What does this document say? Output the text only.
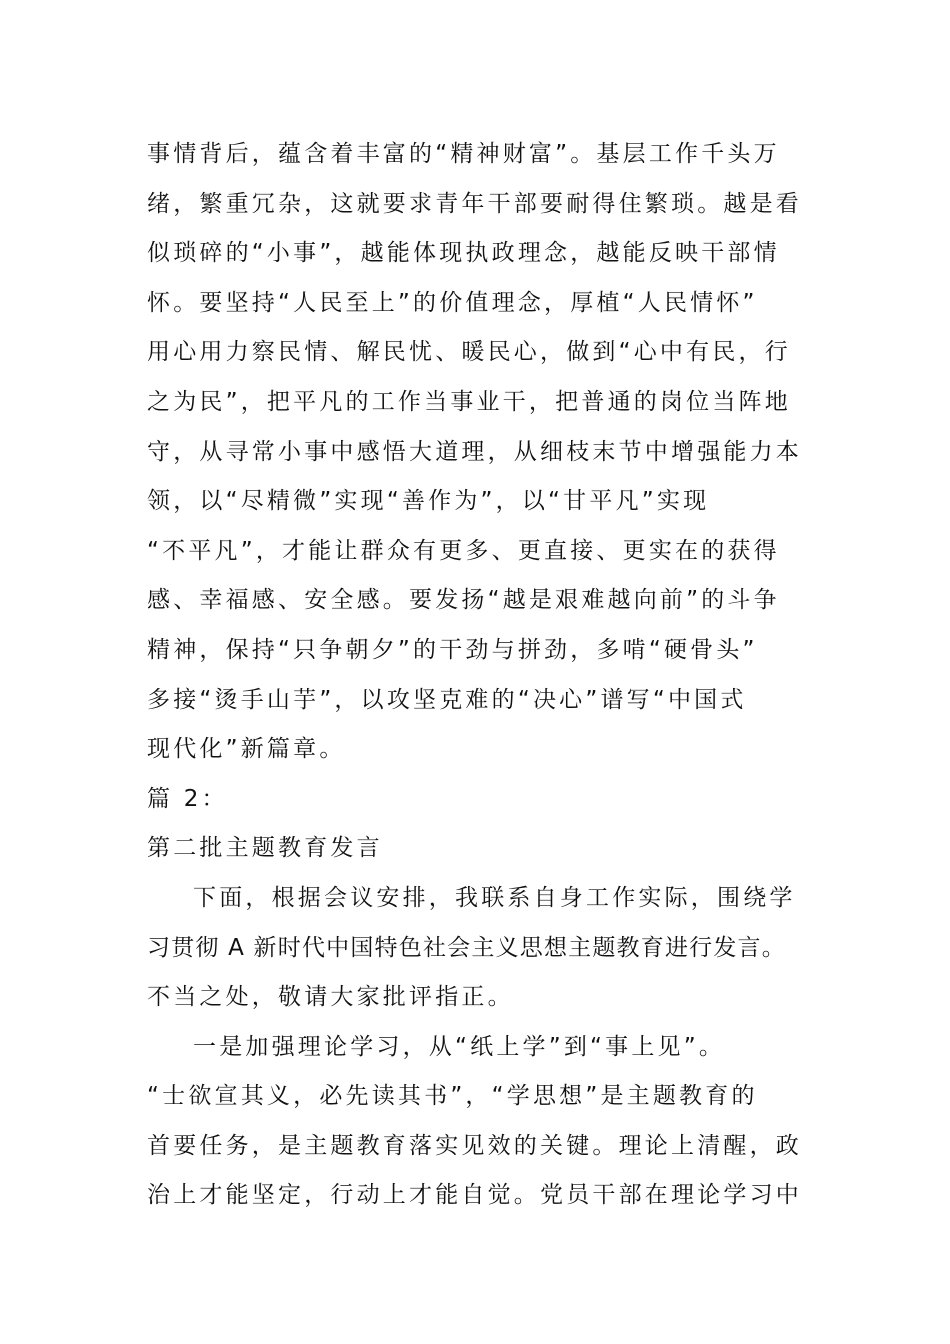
事情背后，蕴含着丰富的“精神财富”。基层工作千头万
绪，繁重冗杂，这就要求青年干部要耐得住繁琐。越是看
似琐碎的“小事”，越能体现执政理念，越能反映干部情
怀。要坚持“人民至上”的价值理念，厚植“人民情怀”
用心用力察民情、解民忧、暖民心，做到“心中有民，行
之为民”，把平凡的工作当事业干，把普通的岗位当阵地
守，从寻常小事中感悟大道理，从细枝末节中增强能力本
领，以“尽精微”实现“善作为”，以“甘平凡”实现
“不平凡”，才能让群众有更多、更直接、更实在的获得
感、幸福感、安全感。要发扬“越是艰难越向前”的斗争
精神，保持“只争朝夕”的干劲与拼劲，多啃“硬骨头”
多接“烫手山芋”，以攻坚克难的“决心”谱写“中国式
现代化”新篇章。
篇 2：
第二批主题教育发言
下面，根据会议安排，我联系自身工作实际，围绕学
习贯彻 A 新时代中国特色社会主义思想主题教育进行发言。
不当之处，敬请大家批评指正。
一是加强理论学习，从“纸上学”到“事上见”。
“士欲宣其义，必先读其书”，“学思想”是主题教育的
首要任务，是主题教育落实见效的关键。理论上清醒，政
治上才能坚定，行动上才能自觉。党员干部在理论学习中
